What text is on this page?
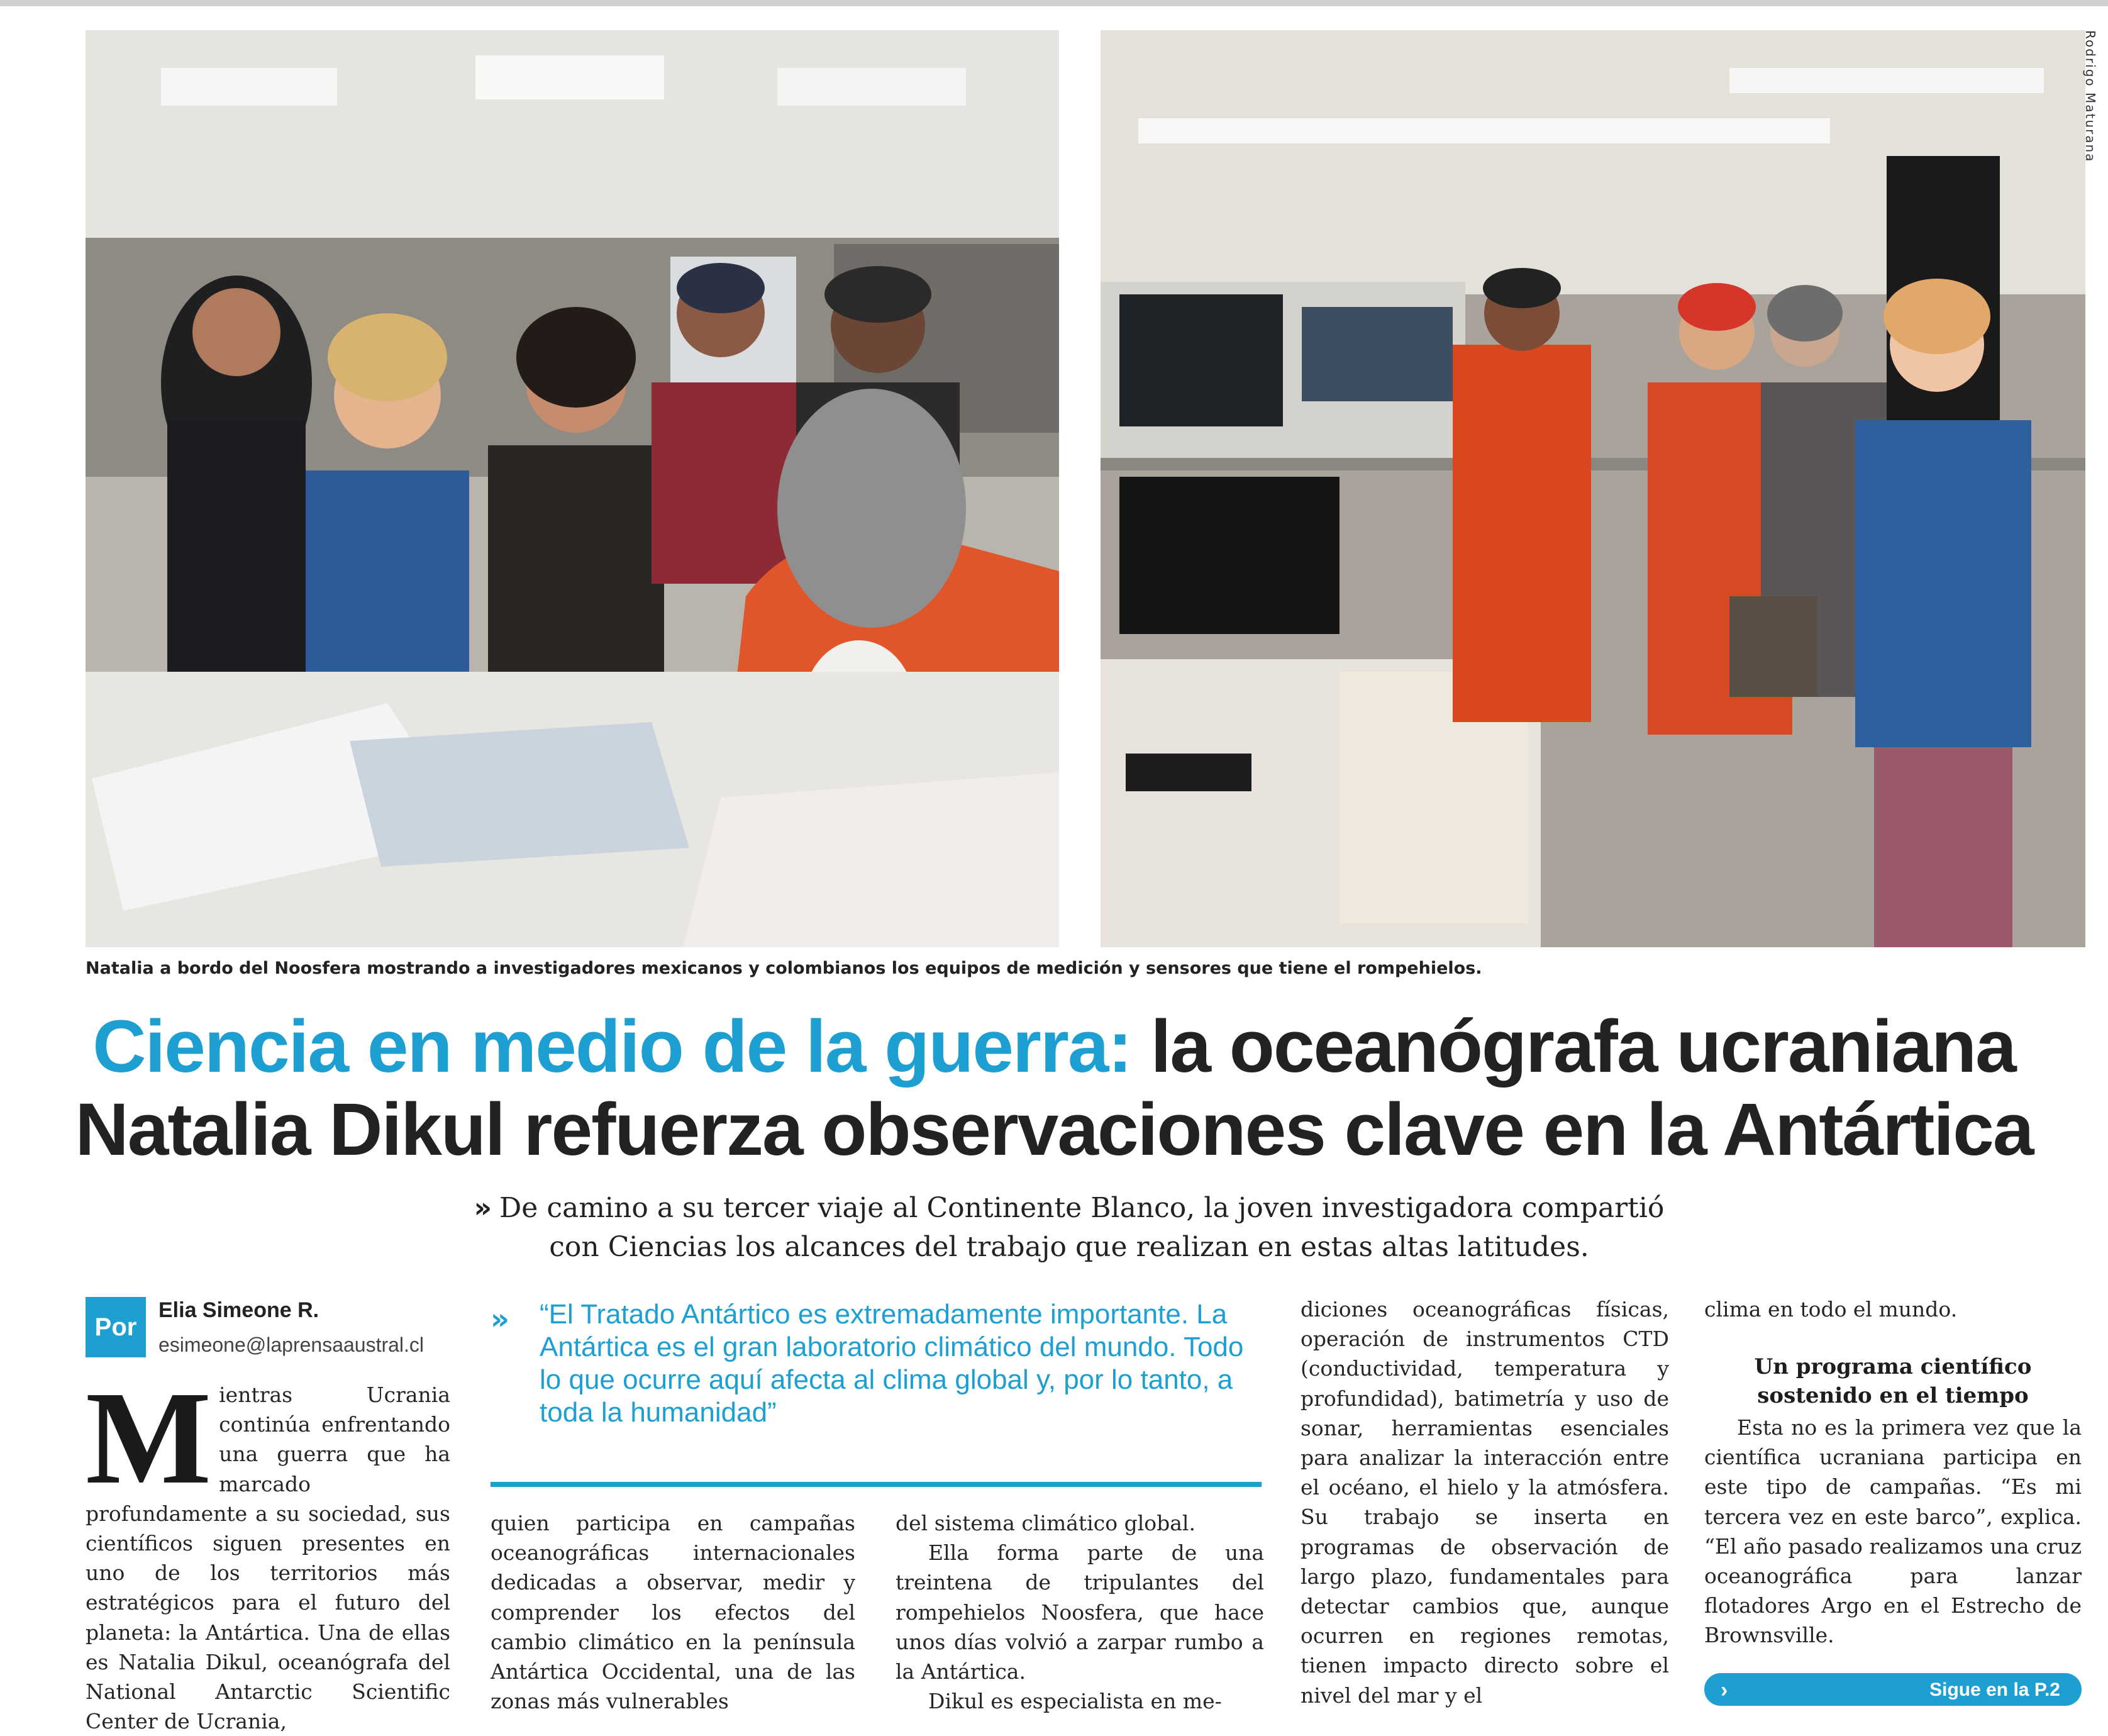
Rodrigo Maturana
Natalia a bordo del Noosfera mostrando a investigadores mexicanos y colombianos los equipos de medición y sensores que tiene el rompehielos.
Ciencia en medio de la guerra: la oceanógrafa ucraniana
Natalia Dikul refuerza observaciones clave en la Antártica
» De camino a su tercer viaje al Continente Blanco, la joven investigadora compartió
con Ciencias los alcances del trabajo que realizan en estas altas latitudes.
Por
Elia Simeone R.
esimeone@laprensaaustral.cl
M ientras Ucrania continúa enfrentando una guerra que ha marcado profundamente a su sociedad, sus científicos siguen presentes en uno de los territorios más estratégicos para el futuro del planeta: la Antártica. Una de ellas es Natalia Dikul, oceanógrafa del National Antarctic Scientific Center de Ucrania,

›› “El Tratado Antártico es extremadamente importante. La Antártica es el gran laboratorio climático del mundo. Todo lo que ocurre aquí afecta al clima global y, por lo tanto, a toda la humanidad”

quien participa en campañas oceanográficas internacionales dedicadas a observar, medir y comprender los efectos del cambio climático en la península Antártica Occidental, una de las zonas más vulnerables

del sistema climático global.

Ella forma parte de una treintena de tripulantes del rompehielos Noosfera, que hace unos días volvió a zarpar rumbo a la Antártica.

Dikul es especialista en me-

diciones oceanográficas físicas, operación de instrumentos CTD (conductividad, temperatura y profundidad), batimetría y uso de sonar, herramientas esenciales para analizar la interacción entre el océano, el hielo y la atmósfera. Su trabajo se inserta en programas de observación de largo plazo, fundamentales para detectar cambios que, aunque ocurren en regiones remotas, tienen impacto directo sobre el nivel del mar y el

clima en todo el mundo.

Un programa científico sostenido en el tiempo

Esta no es la primera vez que la científica ucraniana participa en este tipo de campañas. “Es mi tercera vez en este barco”, explica. “El año pasado realizamos una cruz oceanográfica para lanzar flotadores Argo en el Estrecho de Brownsville.

›	Sigue en la P.2
